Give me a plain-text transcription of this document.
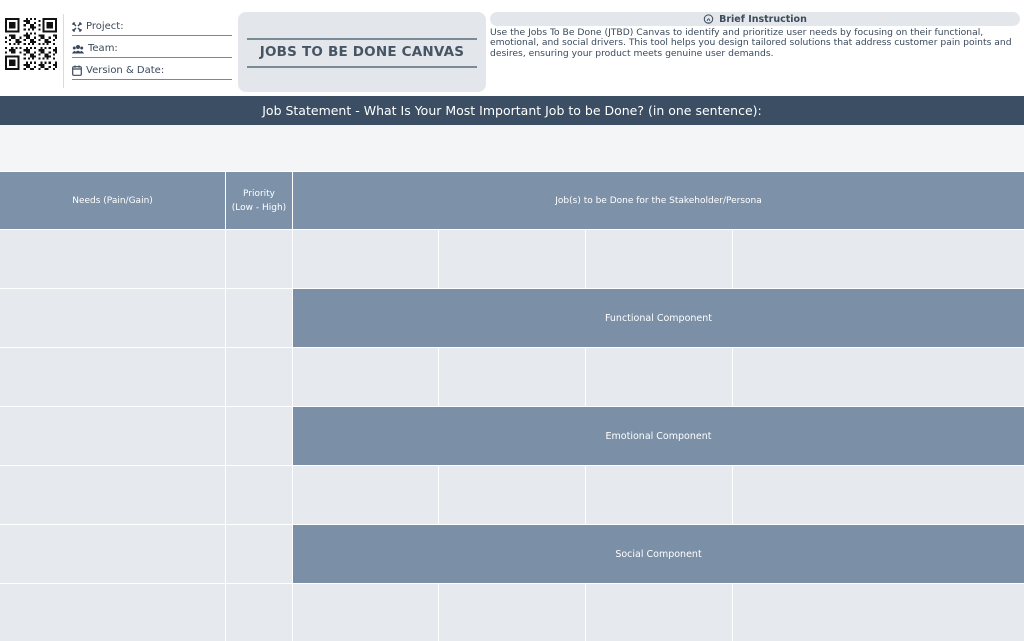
Project:
Team:
Version & Date:
JOBS TO BE DONE CANVAS
Brief Instruction
Use the Jobs To Be Done (JTBD) Canvas to identify and prioritize user needs by focusing on their functional, emotional, and social drivers. This tool helps you design tailored solutions that address customer pain points and desires, ensuring your product meets genuine user demands.
Job Statement - What Is Your Most Important Job to be Done? (in one sentence):
Needs (Pain/Gain)
Priority
(Low - High)
Job(s) to be Done for the Stakeholder/Persona
Functional Component
Emotional Component
Social Component
